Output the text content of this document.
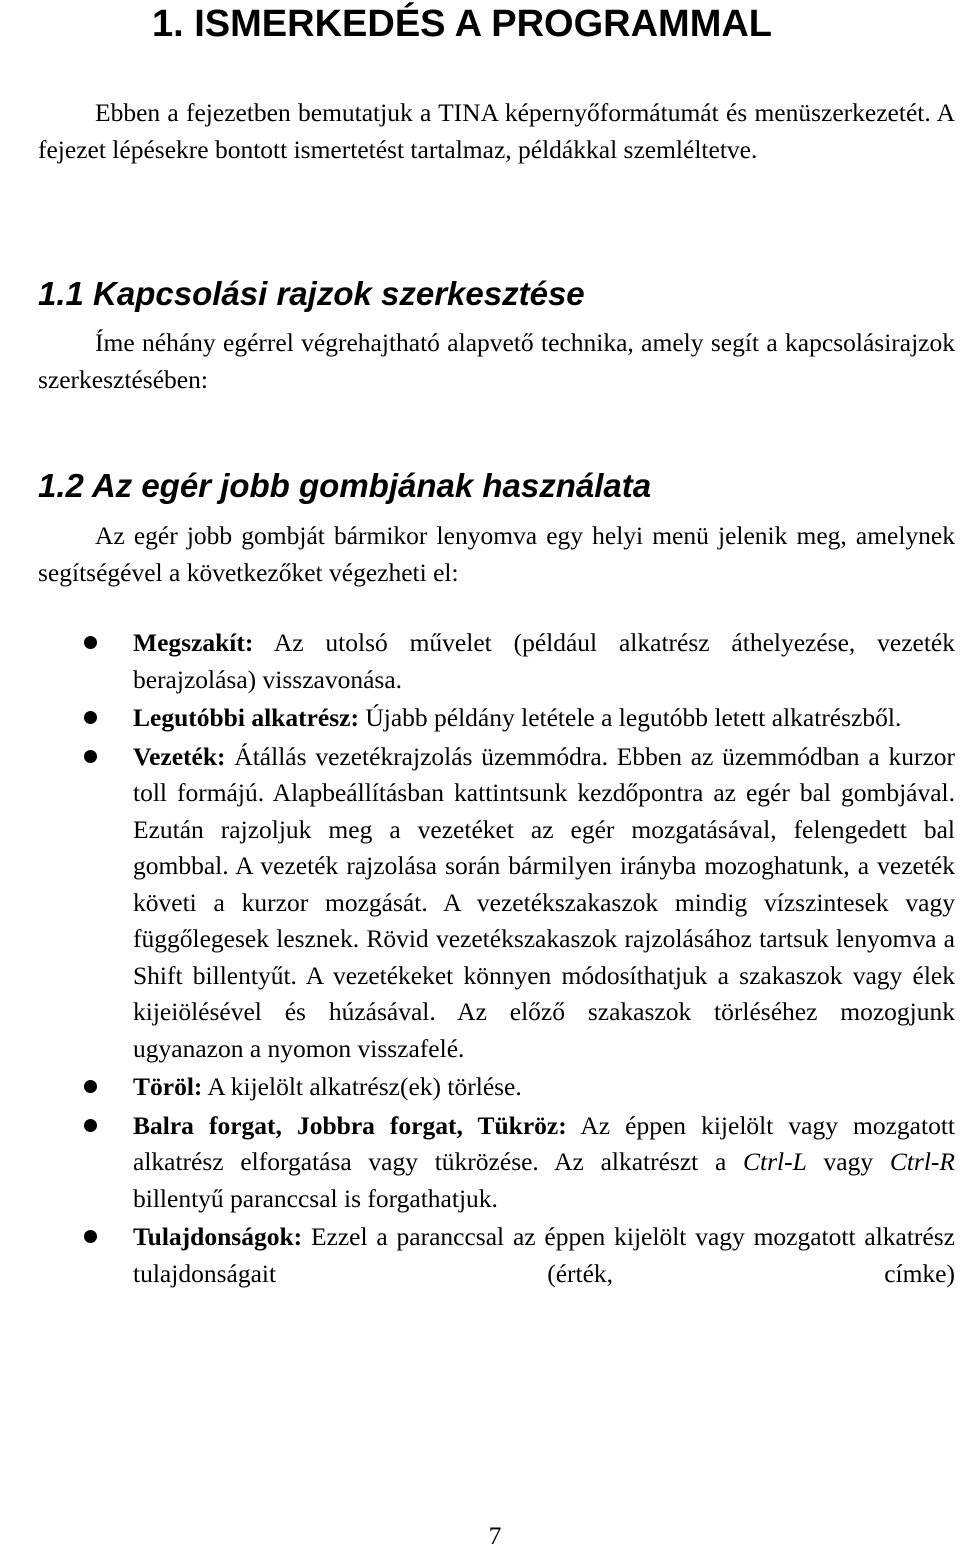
1. ISMERKEDÉS A PROGRAMMAL

Ebben a fejezetben bemutatjuk a TINA képernyőformátumát és menüszerkezetét. A fejezet lépésekre bontott ismertetést tartalmaz, példákkal szemléltetve.

1.1 Kapcsolási rajzok szerkesztése

Íme néhány egérrel végrehajtható alapvető technika, amely segít a kapcsolásirajzok szerkesztésében:

1.2 Az egér jobb gombjának használata

Az egér jobb gombját bármikor lenyomva egy helyi menü jelenik meg, amelynek segítségével a következőket végezheti el:

Megszakít: Az utolsó művelet (például alkatrész áthelyezése, vezeték berajzolása) visszavonása.
Legutóbbi alkatrész: Újabb példány letétele a legutóbb letett alkatrészből.
Vezeték: Átállás vezetékrajzolás üzemmódra. Ebben az üzemmódban a kurzor toll formájú. Alapbeállításban kattintsunk kezdőpontra az egér bal gombjával. Ezután rajzoljuk meg a vezetéket az egér mozgatásával, felengedett bal gombbal. A vezeték rajzolása során bármilyen irányba mozoghatunk, a vezeték követi a kurzor mozgását. A vezetékszakaszok mindig vízszintesek vagy függőlegesek lesznek. Rövid vezetékszakaszok rajzolásához tartsuk lenyomva a Shift billentyűt. A vezetékeket könnyen módosíthatjuk a szakaszok vagy élek kijeiölésével és húzásával. Az előző szakaszok törléséhez mozogjunk ugyanazon a nyomon visszafelé.
Töröl: A kijelölt alkatrész(ek) törlése.
Balra forgat, Jobbra forgat, Tükröz: Az éppen kijelölt vagy mozgatott alkatrész elforgatása vagy tükrözése. Az alkatrészt a Ctrl-L vagy Ctrl-R billentyű paranccsal is forgathatjuk.
Tulajdonságok: Ezzel a paranccsal az éppen kijelölt vagy mozgatott alkatrész tulajdonságait (érték, címke)

7
